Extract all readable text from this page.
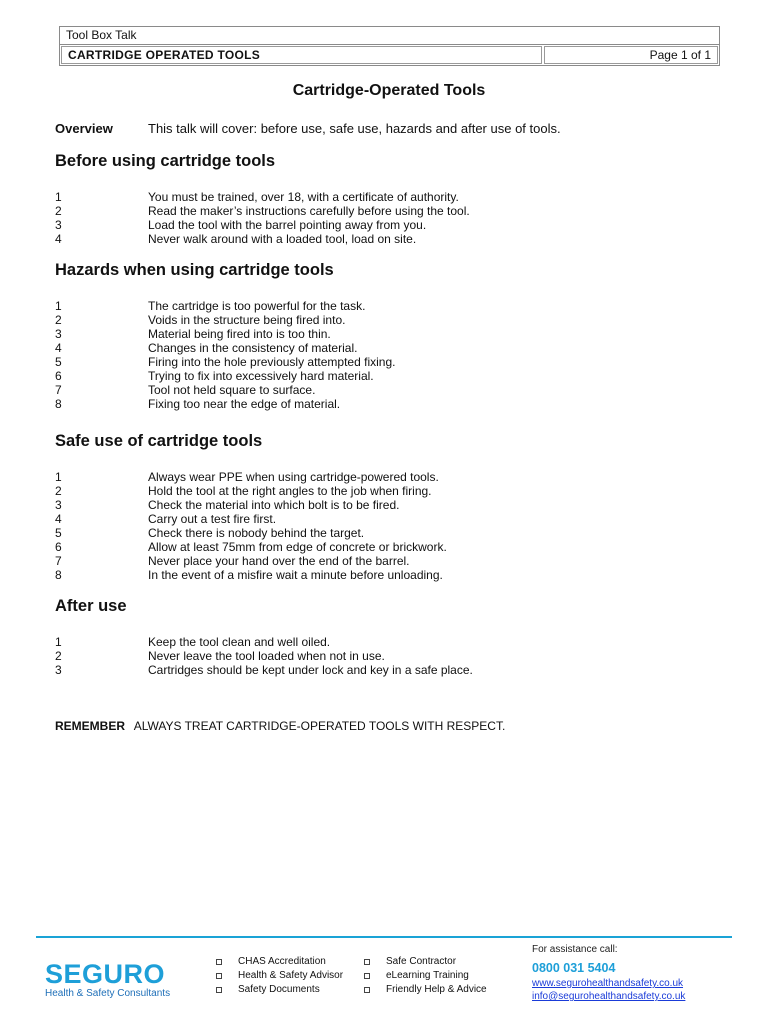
Tool Box Talk
CARTRIDGE OPERATED TOOLS	Page 1 of 1
Cartridge-Operated Tools
Overview	This talk will cover: before use, safe use, hazards and after use of tools.
Before using cartridge tools
1	You must be trained, over 18, with a certificate of authority.
2	Read the maker’s instructions carefully before using the tool.
3	Load the tool with the barrel pointing away from you.
4	Never walk around with a loaded tool, load on site.
Hazards when using cartridge tools
1	The cartridge is too powerful for the task.
2	Voids in the structure being fired into.
3	Material being fired into is too thin.
4	Changes in the consistency of material.
5	Firing into the hole previously attempted fixing.
6	Trying to fix into excessively hard material.
7	Tool not held square to surface.
8	Fixing too near the edge of material.
Safe use of cartridge tools
1	Always wear PPE when using cartridge-powered tools.
2	Hold the tool at the right angles to the job when firing.
3	Check the material into which bolt is to be fired.
4	Carry out a test fire first.
5	Check there is nobody behind the target.
6	Allow at least 75mm from edge of concrete or brickwork.
7	Never place your hand over the end of the barrel.
8	In the event of a misfire wait a minute before unloading.
After use
1	Keep the tool clean and well oiled.
2	Never leave the tool loaded when not in use.
3	Cartridges should be kept under lock and key in a safe place.
REMEMBER ALWAYS TREAT CARTRIDGE-OPERATED TOOLS WITH RESPECT.
SEGURO
Health & Safety Consultants
CHAS Accreditation
Health & Safety Advisor
Safety Documents
Safe Contractor
eLearning Training
Friendly Help & Advice
For assistance call:
0800 031 5404
www.segurohealthandsafety.co.uk
info@segurohealthandsafety.co.uk
